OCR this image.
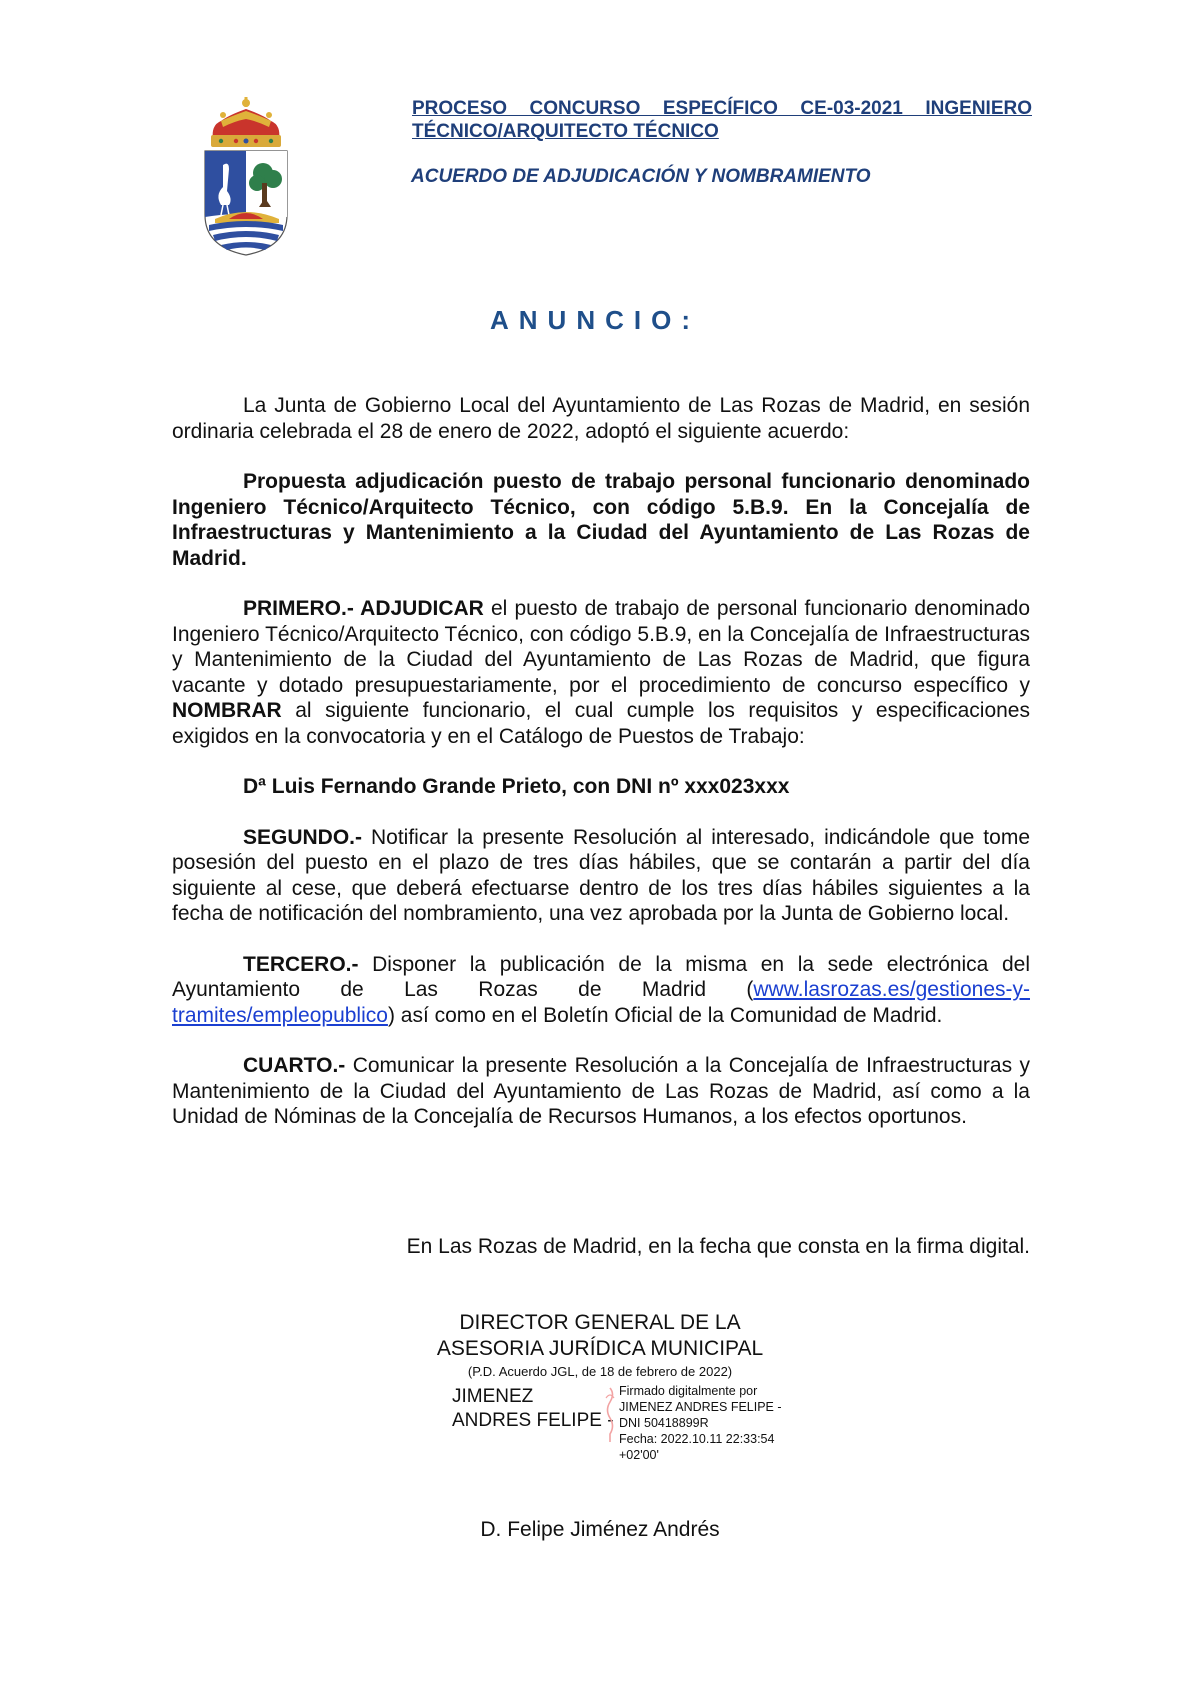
PROCESO CONCURSO ESPECÍFICO CE-03-2021 INGENIERO TÉCNICO/ARQUITECTO TÉCNICO
ACUERDO DE ADJUDICACIÓN Y NOMBRAMIENTO
ANUNCIO:

La Junta de Gobierno Local del Ayuntamiento de Las Rozas de Madrid, en sesión ordinaria celebrada el 28 de enero de 2022, adoptó el siguiente acuerdo:

Propuesta adjudicación puesto de trabajo personal funcionario denominado Ingeniero Técnico/Arquitecto Técnico, con código 5.B.9. En la Concejalía de Infraestructuras y Mantenimiento a la Ciudad del Ayuntamiento de Las Rozas de Madrid.

PRIMERO.- ADJUDICAR el puesto de trabajo de personal funcionario denominado Ingeniero Técnico/Arquitecto Técnico, con código 5.B.9, en la Concejalía de Infraestructuras y Mantenimiento de la Ciudad del Ayuntamiento de Las Rozas de Madrid, que figura vacante y dotado presupuestariamente, por el procedimiento de concurso específico y NOMBRAR al siguiente funcionario, el cual cumple los requisitos y especificaciones exigidos en la convocatoria y en el Catálogo de Puestos de Trabajo:

Dª Luis Fernando Grande Prieto, con DNI nº xxx023xxx

SEGUNDO.- Notificar la presente Resolución al interesado, indicándole que tome posesión del puesto en el plazo de tres días hábiles, que se contarán a partir del día siguiente al cese, que deberá efectuarse dentro de los tres días hábiles siguientes a la fecha de notificación del nombramiento, una vez aprobada por la Junta de Gobierno local.

TERCERO.- Disponer la publicación de la misma en la sede electrónica del Ayuntamiento de Las Rozas de Madrid (www.lasrozas.es/gestiones-y-tramites/empleopublico) así como en el Boletín Oficial de la Comunidad de Madrid.

CUARTO.- Comunicar la presente Resolución a la Concejalía de Infraestructuras y Mantenimiento de la Ciudad del Ayuntamiento de Las Rozas de Madrid, así como a la Unidad de Nóminas de la Concejalía de Recursos Humanos, a los efectos oportunos.

En Las Rozas de Madrid, en la fecha que consta en la firma digital.
DIRECTOR GENERAL DE LA
ASESORIA JURÍDICA MUNICIPAL
(P.D. Acuerdo JGL, de 18 de febrero de 2022)
JIMENEZ
ANDRES FELIPE -
Firmado digitalmente por
JIMENEZ ANDRES FELIPE -
DNI 50418899R
Fecha: 2022.10.11 22:33:54
+02'00'
D. Felipe Jiménez Andrés
